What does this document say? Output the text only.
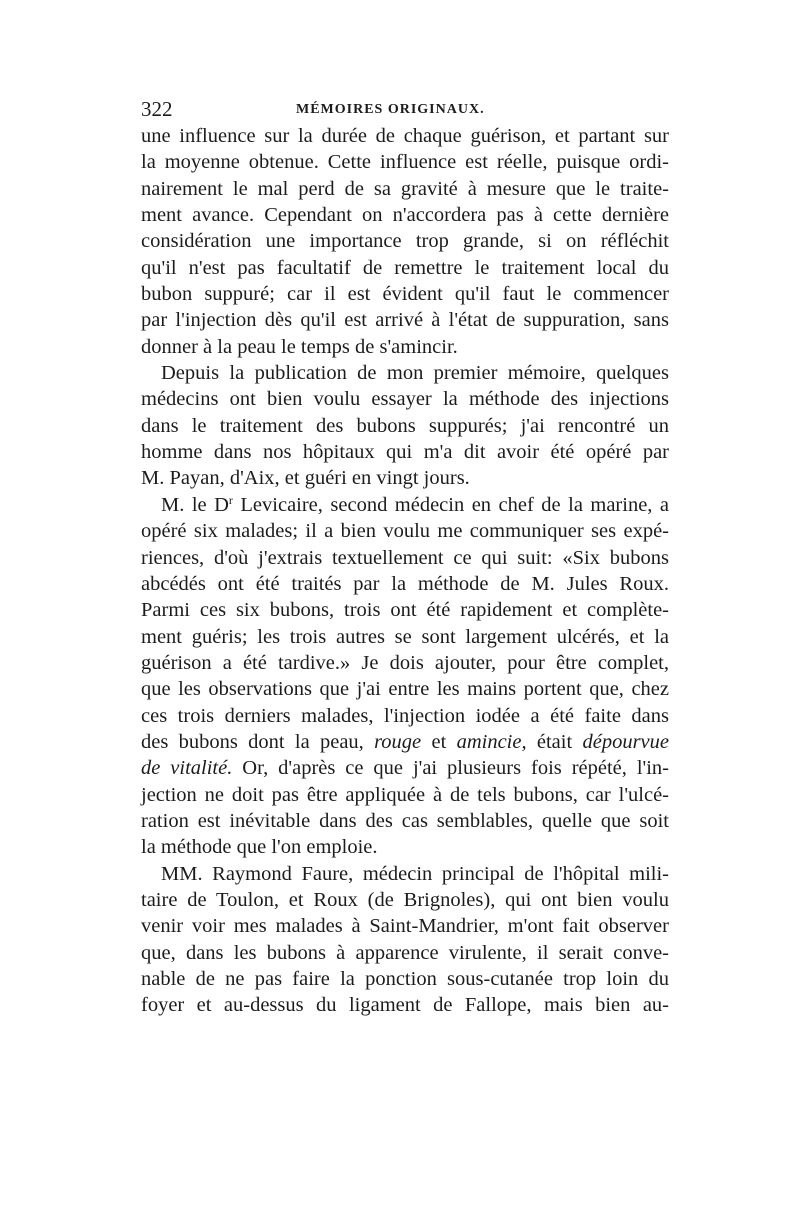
322	MÉMOIRES ORIGINAUX.
une influence sur la durée de chaque guérison, et partant sur
la moyenne obtenue. Cette influence est réelle, puisque ordi-
nairement le mal perd de sa gravité à mesure que le traite-
ment avance. Cependant on n'accordera pas à cette dernière
considération une importance trop grande, si on réfléchit
qu'il n'est pas facultatif de remettre le traitement local du
bubon suppuré; car il est évident qu'il faut le commencer
par l'injection dès qu'il est arrivé à l'état de suppuration, sans
donner à la peau le temps de s'amincir.
Depuis la publication de mon premier mémoire, quelques
médecins ont bien voulu essayer la méthode des injections
dans le traitement des bubons suppurés; j'ai rencontré un
homme dans nos hôpitaux qui m'a dit avoir été opéré par
M. Payan, d'Aix, et guéri en vingt jours.
M. le $D^r$ Levicaire, second médecin en chef de la marine, a
opéré six malades; il a bien voulu me communiquer ses expé-
riences, d'où j'extrais textuellement ce qui suit: «Six bubons
abcédés ont été traités par la méthode de M. Jules Roux.
Parmi ces six bubons, trois ont été rapidement et complète-
ment guéris; les trois autres se sont largement ulcérés, et la
guérison a été tardive.» Je dois ajouter, pour être complet,
que les observations que j'ai entre les mains portent que, chez
ces trois derniers malades, l'injection iodée a été faite dans
des bubons dont la peau, rouge et amincie, était dépourvue
de vitalité. Or, d'après ce que j'ai plusieurs fois répété, l'in-
jection ne doit pas être appliquée à de tels bubons, car l'ulcé-
ration est inévitable dans des cas semblables, quelle que soit
la méthode que l'on emploie.
MM. Raymond Faure, médecin principal de l'hôpital mili-
taire de Toulon, et Roux (de Brignoles), qui ont bien voulu
venir voir mes malades à Saint-Mandrier, m'ont fait observer
que, dans les bubons à apparence virulente, il serait conve-
nable de ne pas faire la ponction sous-cutanée trop loin du
foyer et au-dessus du ligament de Fallope, mais bien au-
